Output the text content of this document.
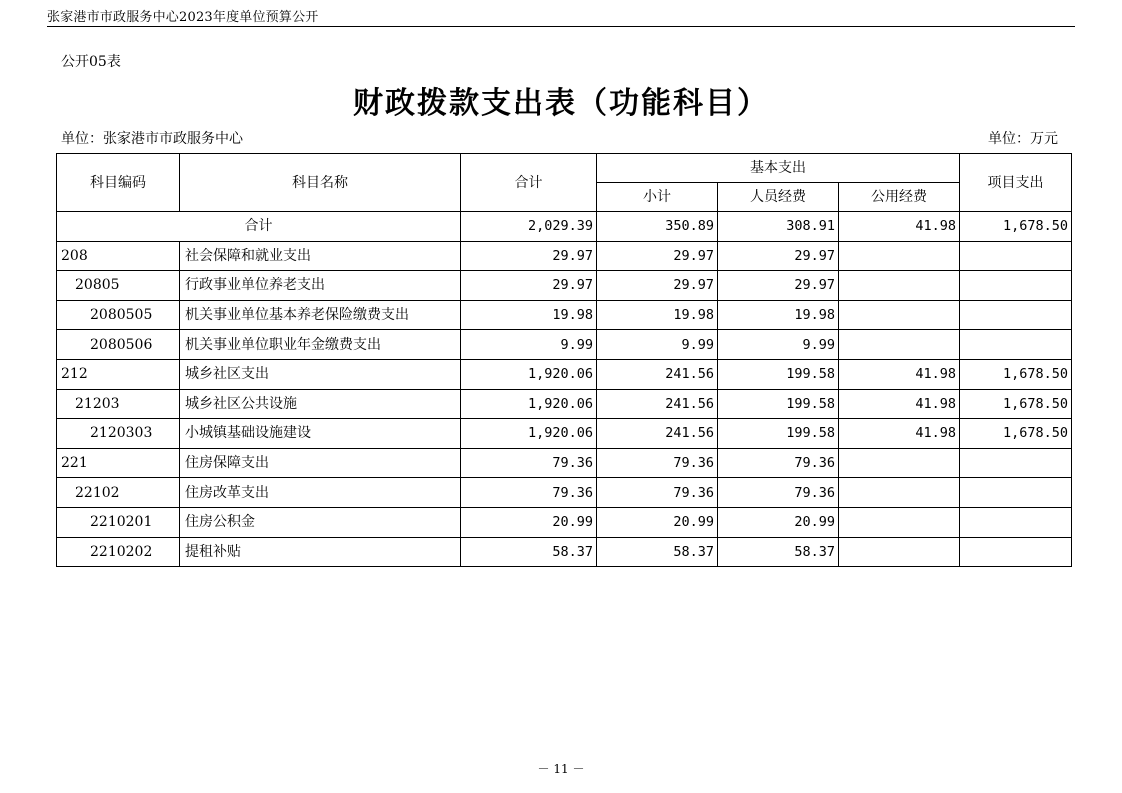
张家港市市政服务中心2023年度单位预算公开
公开05表
财政拨款支出表（功能科目）
单位：张家港市市政服务中心	单位：万元
科目编码	科目名称	合计	基本支出			项目支出
			小计	人员经费	公用经费	
合计		2,029.39	350.89	308.91	41.98	1,678.50
208	社会保障和就业支出	29.97	29.97	29.97		
20805	行政事业单位养老支出	29.97	29.97	29.97		
2080505	机关事业单位基本养老保险缴费支出	19.98	19.98	19.98		
2080506	机关事业单位职业年金缴费支出	9.99	9.99	9.99		
212	城乡社区支出	1,920.06	241.56	199.58	41.98	1,678.50
21203	城乡社区公共设施	1,920.06	241.56	199.58	41.98	1,678.50
2120303	小城镇基础设施建设	1,920.06	241.56	199.58	41.98	1,678.50
221	住房保障支出	79.36	79.36	79.36		
22102	住房改革支出	79.36	79.36	79.36		
2210201	住房公积金	20.99	20.99	20.99		
2210202	提租补贴	58.37	58.37	58.37		
－ 11 －
